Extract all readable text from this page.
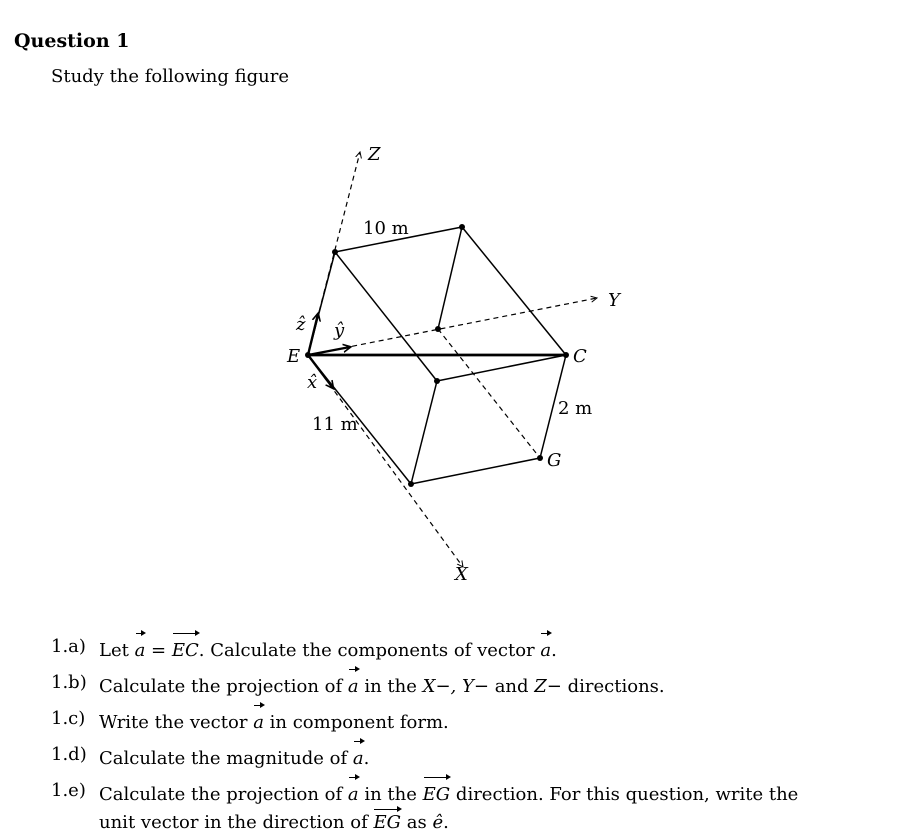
Question 1
Study the following figure
Z
Y
X
E	C
G
ẑ ŷ
x̂
10 m
11 m
2 m
1.a) Let a = EC. Calculate the components of vector a.
1.b) Calculate the projection of a in the X−, Y− and Z− directions.
1.c) Write the vector a in component form.
1.d) Calculate the magnitude of a.
1.e) Calculate the projection of a in the EG direction. For this question, write the
unit vector in the direction of EG as ê.
